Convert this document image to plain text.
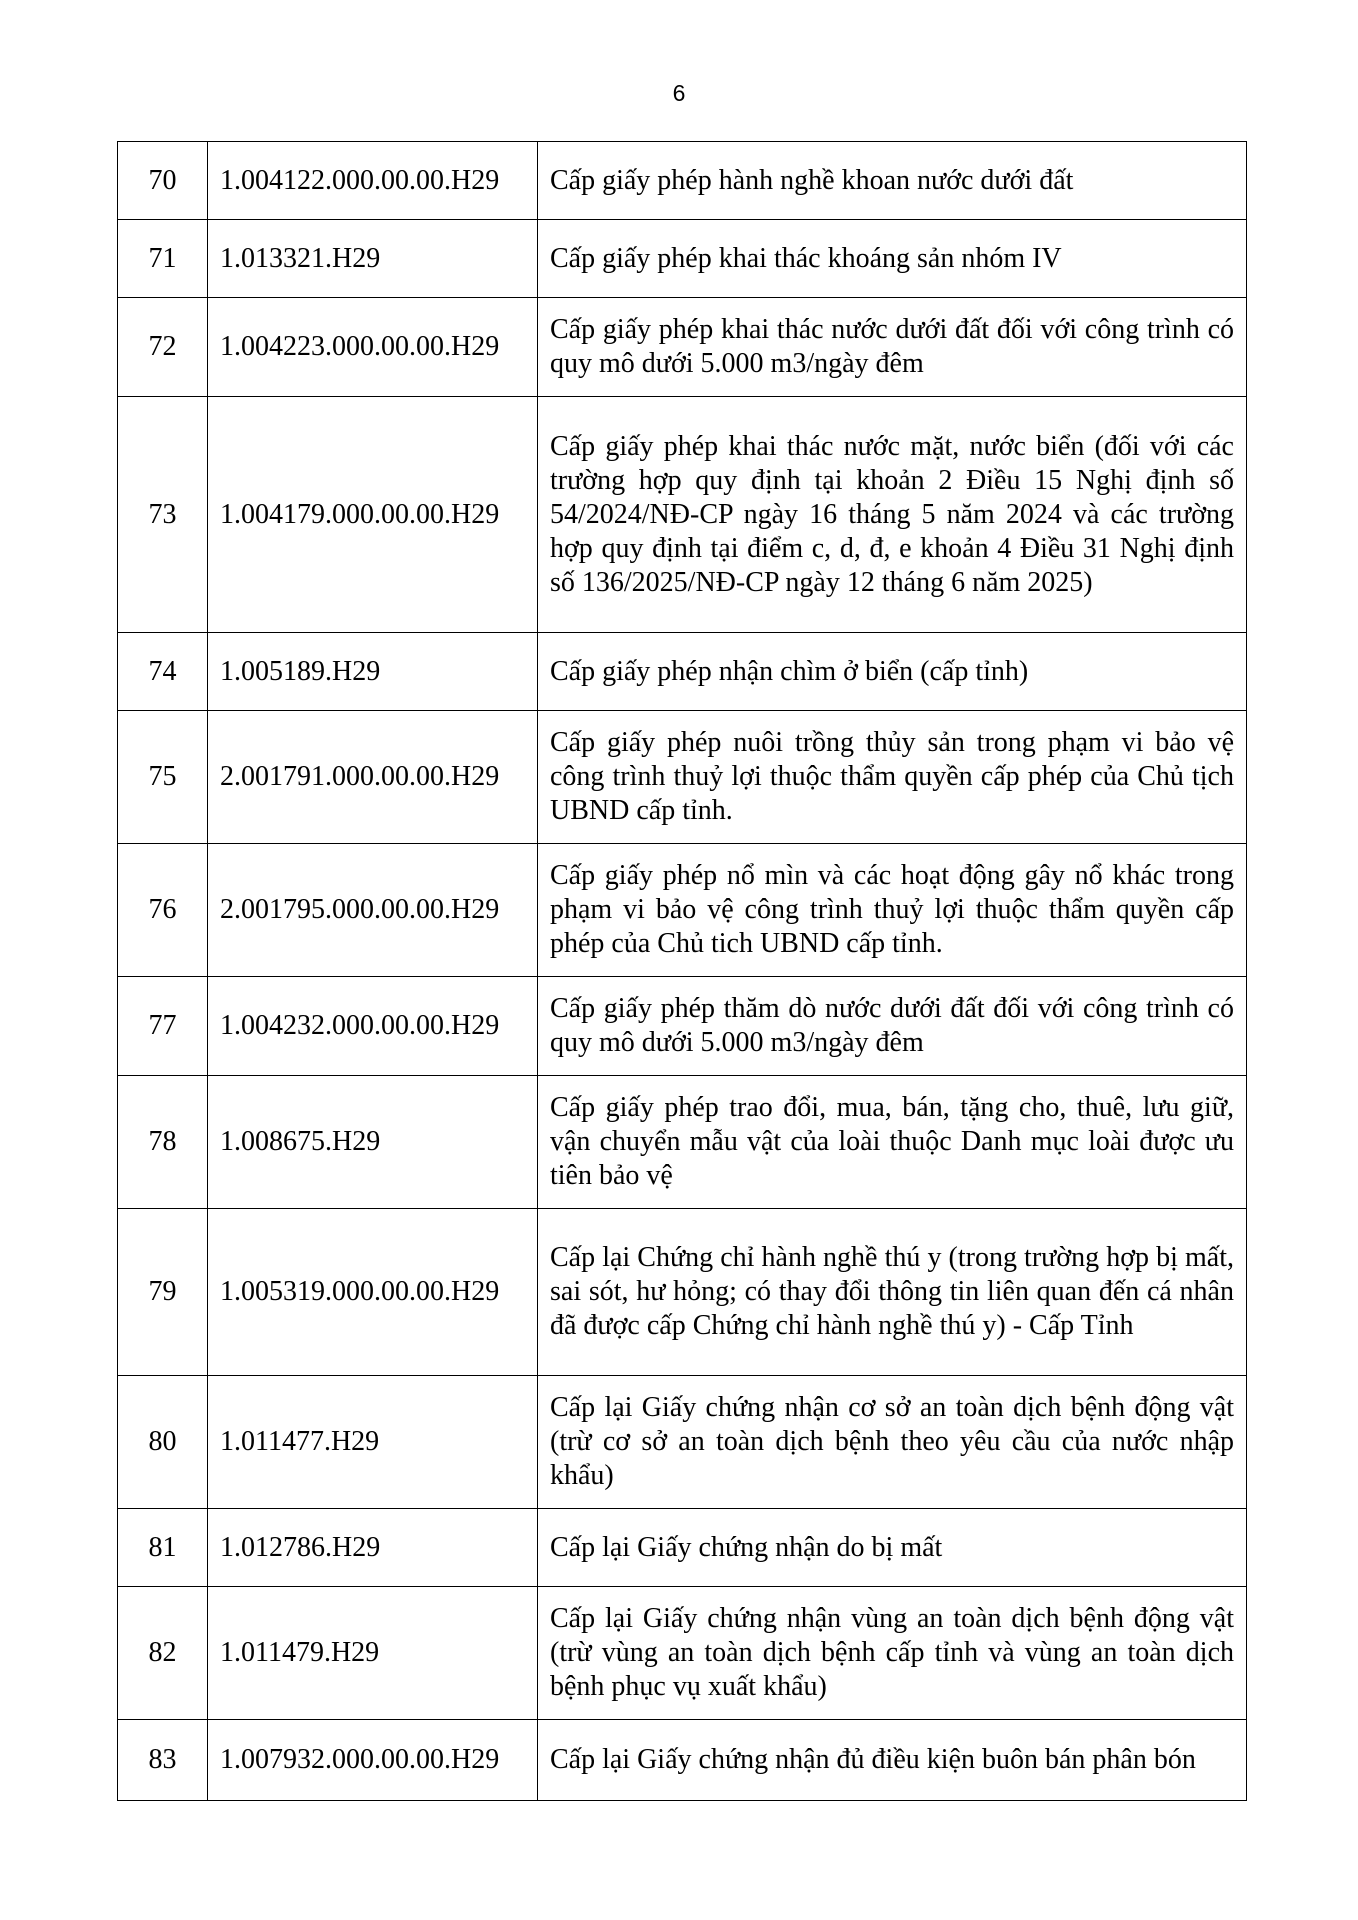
6
70	1.004122.000.00.00.H29	Cấp giấy phép hành nghề khoan nước dưới đất
71	1.013321.H29	Cấp giấy phép khai thác khoáng sản nhóm IV
72	1.004223.000.00.00.H29	Cấp giấy phép khai thác nước dưới đất đối với công trình có quy mô dưới 5.000 m3/ngày đêm
73	1.004179.000.00.00.H29	Cấp giấy phép khai thác nước mặt, nước biển (đối với các trường hợp quy định tại khoản 2 Điều 15 Nghị định số 54/2024/NĐ-CP ngày 16 tháng 5 năm 2024 và các trường hợp quy định tại điểm c, d, đ, e khoản 4 Điều 31 Nghị định số 136/2025/NĐ-CP ngày 12 tháng 6 năm 2025)
74	1.005189.H29	Cấp giấy phép nhận chìm ở biển (cấp tỉnh)
75	2.001791.000.00.00.H29	Cấp giấy phép nuôi trồng thủy sản trong phạm vi bảo vệ công trình thuỷ lợi thuộc thẩm quyền cấp phép của Chủ tịch UBND cấp tỉnh.
76	2.001795.000.00.00.H29	Cấp giấy phép nổ mìn và các hoạt động gây nổ khác trong phạm vi bảo vệ công trình thuỷ lợi thuộc thẩm quyền cấp phép của Chủ tich UBND cấp tỉnh.
77	1.004232.000.00.00.H29	Cấp giấy phép thăm dò nước dưới đất đối với công trình có quy mô dưới 5.000 m3/ngày đêm
78	1.008675.H29	Cấp giấy phép trao đổi, mua, bán, tặng cho, thuê, lưu giữ, vận chuyển mẫu vật của loài thuộc Danh mục loài được ưu tiên bảo vệ
79	1.005319.000.00.00.H29	Cấp lại Chứng chỉ hành nghề thú y (trong trường hợp bị mất, sai sót, hư hỏng; có thay đổi thông tin liên quan đến cá nhân đã được cấp Chứng chỉ hành nghề thú y) - Cấp Tỉnh
80	1.011477.H29	Cấp lại Giấy chứng nhận cơ sở an toàn dịch bệnh động vật (trừ cơ sở an toàn dịch bệnh theo yêu cầu của nước nhập khẩu)
81	1.012786.H29	Cấp lại Giấy chứng nhận do bị mất
82	1.011479.H29	Cấp lại Giấy chứng nhận vùng an toàn dịch bệnh động vật (trừ vùng an toàn dịch bệnh cấp tỉnh và vùng an toàn dịch bệnh phục vụ xuất khẩu)
83	1.007932.000.00.00.H29	Cấp lại Giấy chứng nhận đủ điều kiện buôn bán phân bón
